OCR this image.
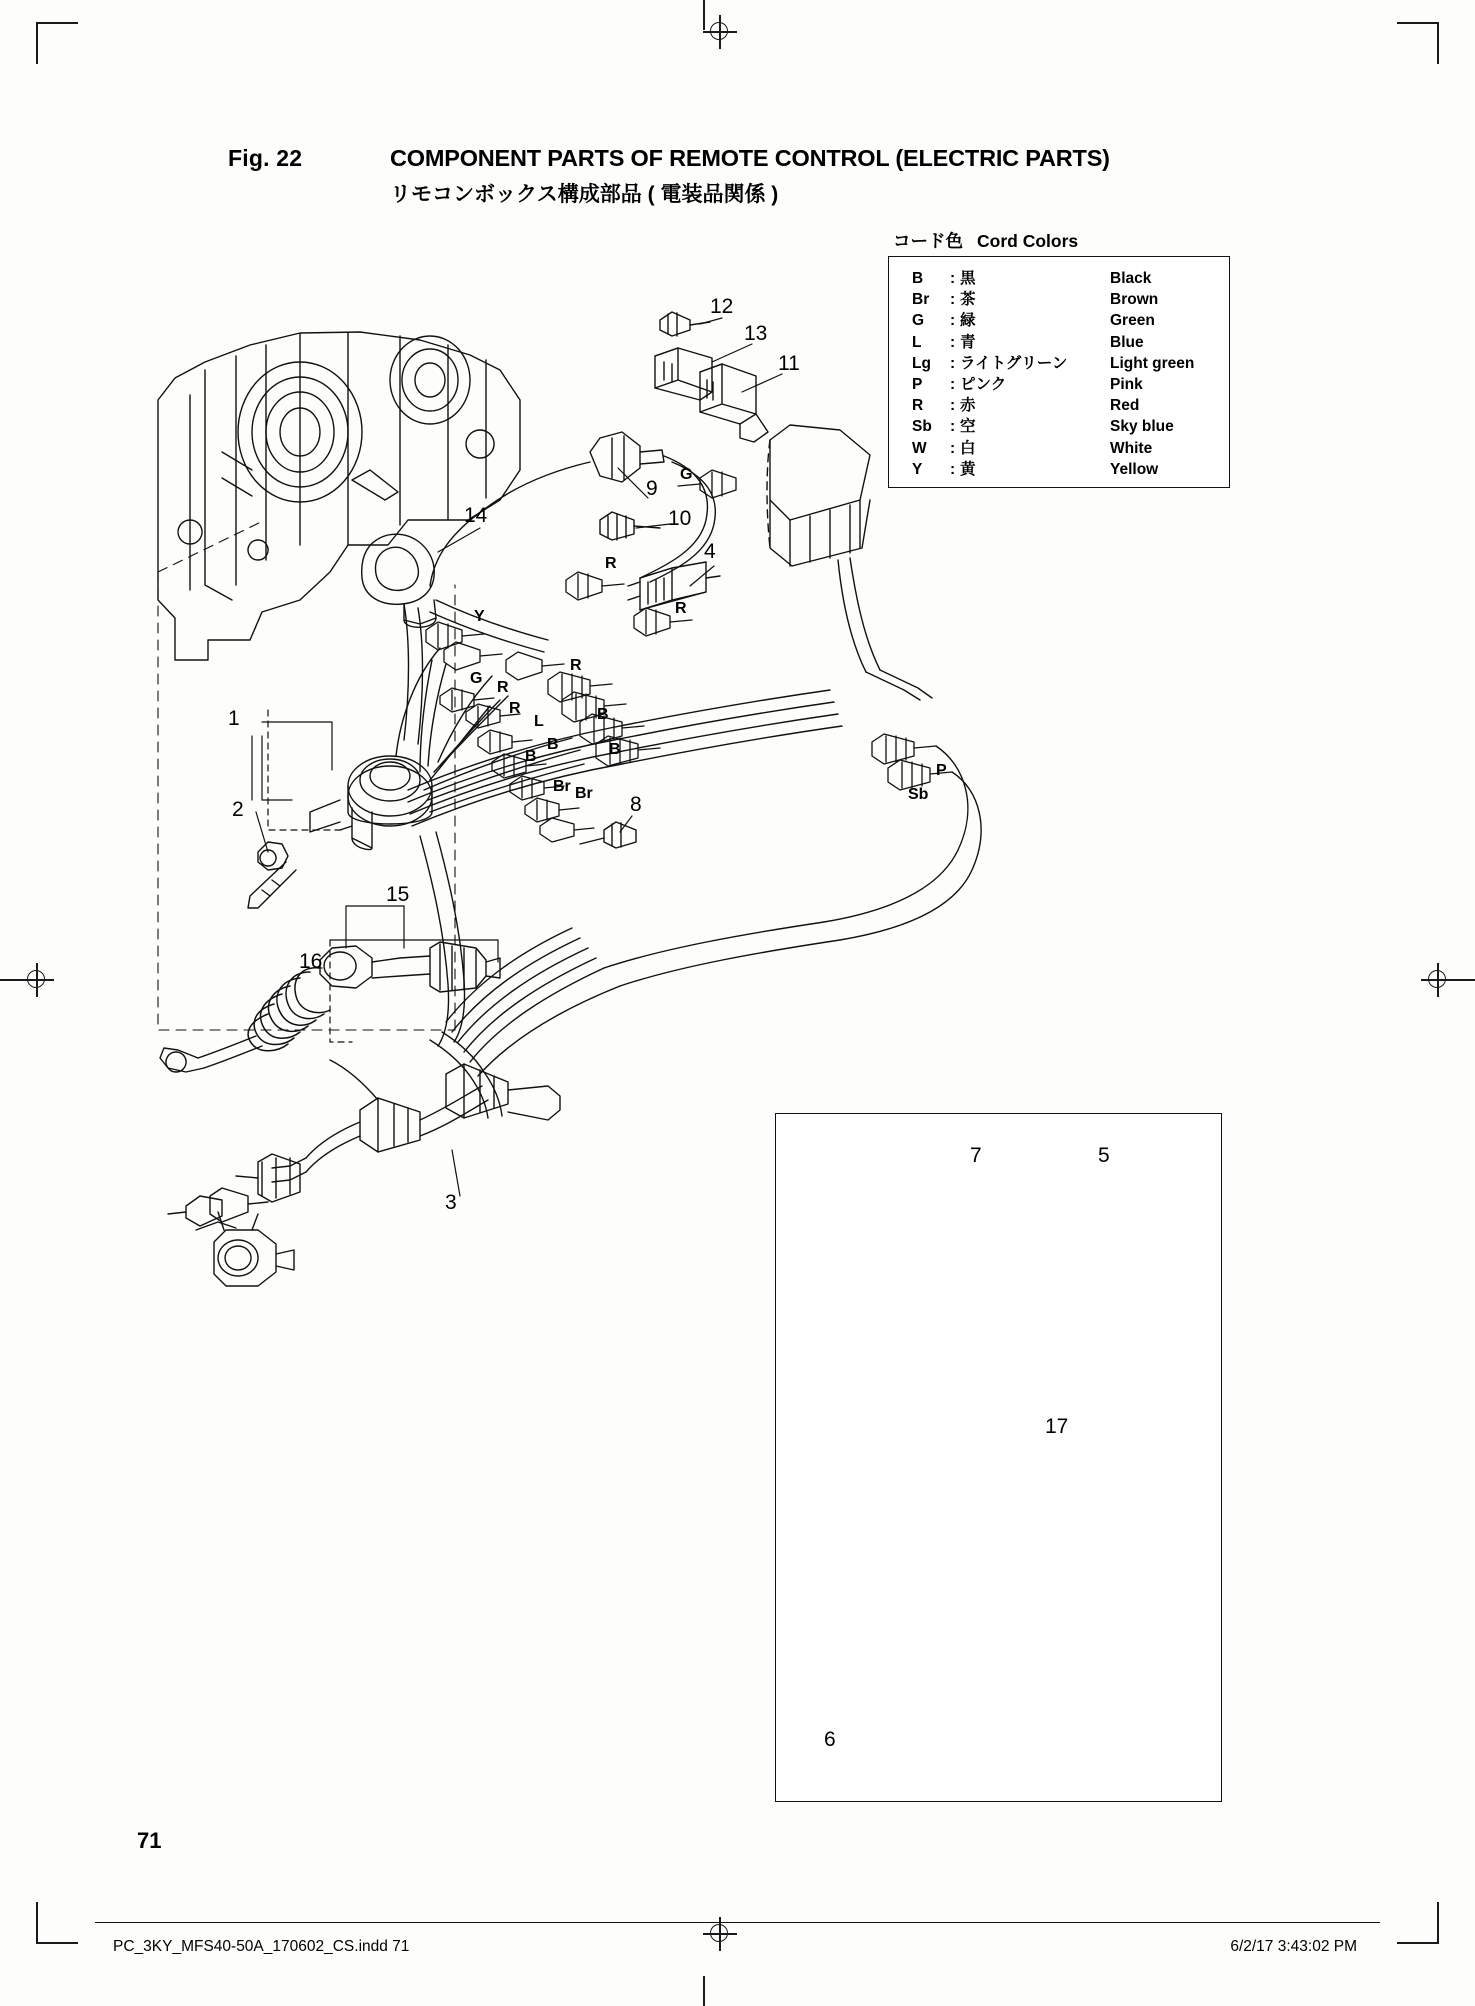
Fig. 22	COMPONENT PARTS OF REMOTE CONTROL (ELECTRIC PARTS)
リモコンボックス構成部品 ( 電装品関係 )
コード色 Cord Colors
B	: 黒	Black
Br	: 茶	Brown
G	: 緑	Green
L	: 青	Blue
Lg	: ライトグリーン	Light green
P	: ピンク	Pink
R	: 赤	Red
Sb	: 空	Sky blue
W	: 白	White
Y	: 黄	Yellow
1
2
3
4
5
6
7
8
9
10
11
12
13
14
15
16
17
G
R
R
Y
G
R
R
R
L	B
B
B	B
Br Br
P
Sb
71
PC_3KY_MFS40-50A_170602_CS.indd 71	6/2/17 3:43:02 PM
